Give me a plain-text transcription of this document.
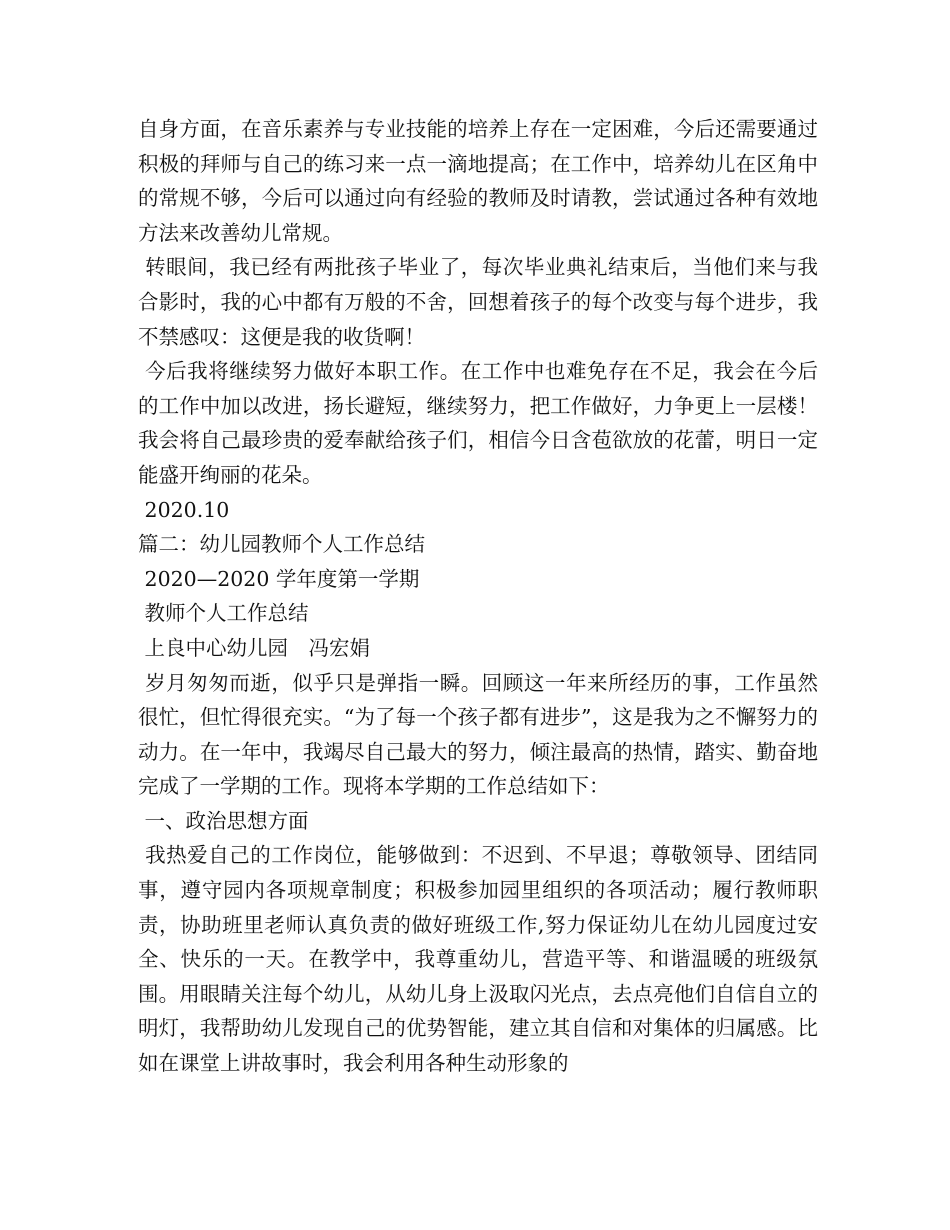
自身方面，在音乐素养与专业技能的培养上存在一定困难，今后还需要通过积极的拜师与自己的练习来一点一滴地提高；在工作中，培养幼儿在区角中的常规不够，今后可以通过向有经验的教师及时请教，尝试通过各种有效地方法来改善幼儿常规。

转眼间，我已经有两批孩子毕业了，每次毕业典礼结束后，当他们来与我合影时，我的心中都有万般的不舍，回想着孩子的每个改变与每个进步，我不禁感叹：这便是我的收货啊！

今后我将继续努力做好本职工作。在工作中也难免存在不足，我会在今后的工作中加以改进，扬长避短，继续努力，把工作做好，力争更上一层楼！我会将自己最珍贵的爱奉献给孩子们，相信今日含苞欲放的花蕾，明日一定能盛开绚丽的花朵。

2020.10

篇二：幼儿园教师个人工作总结

2020—2020 学年度第一学期

教师个人工作总结

上良中心幼儿园　冯宏娟

岁月匆匆而逝，似乎只是弹指一瞬。回顾这一年来所经历的事，工作虽然很忙，但忙得很充实。“为了每一个孩子都有进步”，这是我为之不懈努力的动力。在一年中，我竭尽自己最大的努力，倾注最高的热情，踏实、勤奋地完成了一学期的工作。现将本学期的工作总结如下：

一、政治思想方面

我热爱自己的工作岗位，能够做到：不迟到、不早退；尊敬领导、团结同事，遵守园内各项规章制度；积极参加园里组织的各项活动；履行教师职责，协助班里老师认真负责的做好班级工作,努力保证幼儿在幼儿园度过安全、快乐的一天。在教学中，我尊重幼儿，营造平等、和谐温暖的班级氛围。用眼睛关注每个幼儿，从幼儿身上汲取闪光点，去点亮他们自信自立的明灯，我帮助幼儿发现自己的优势智能，建立其自信和对集体的归属感。比如在课堂上讲故事时，我会利用各种生动形象的
